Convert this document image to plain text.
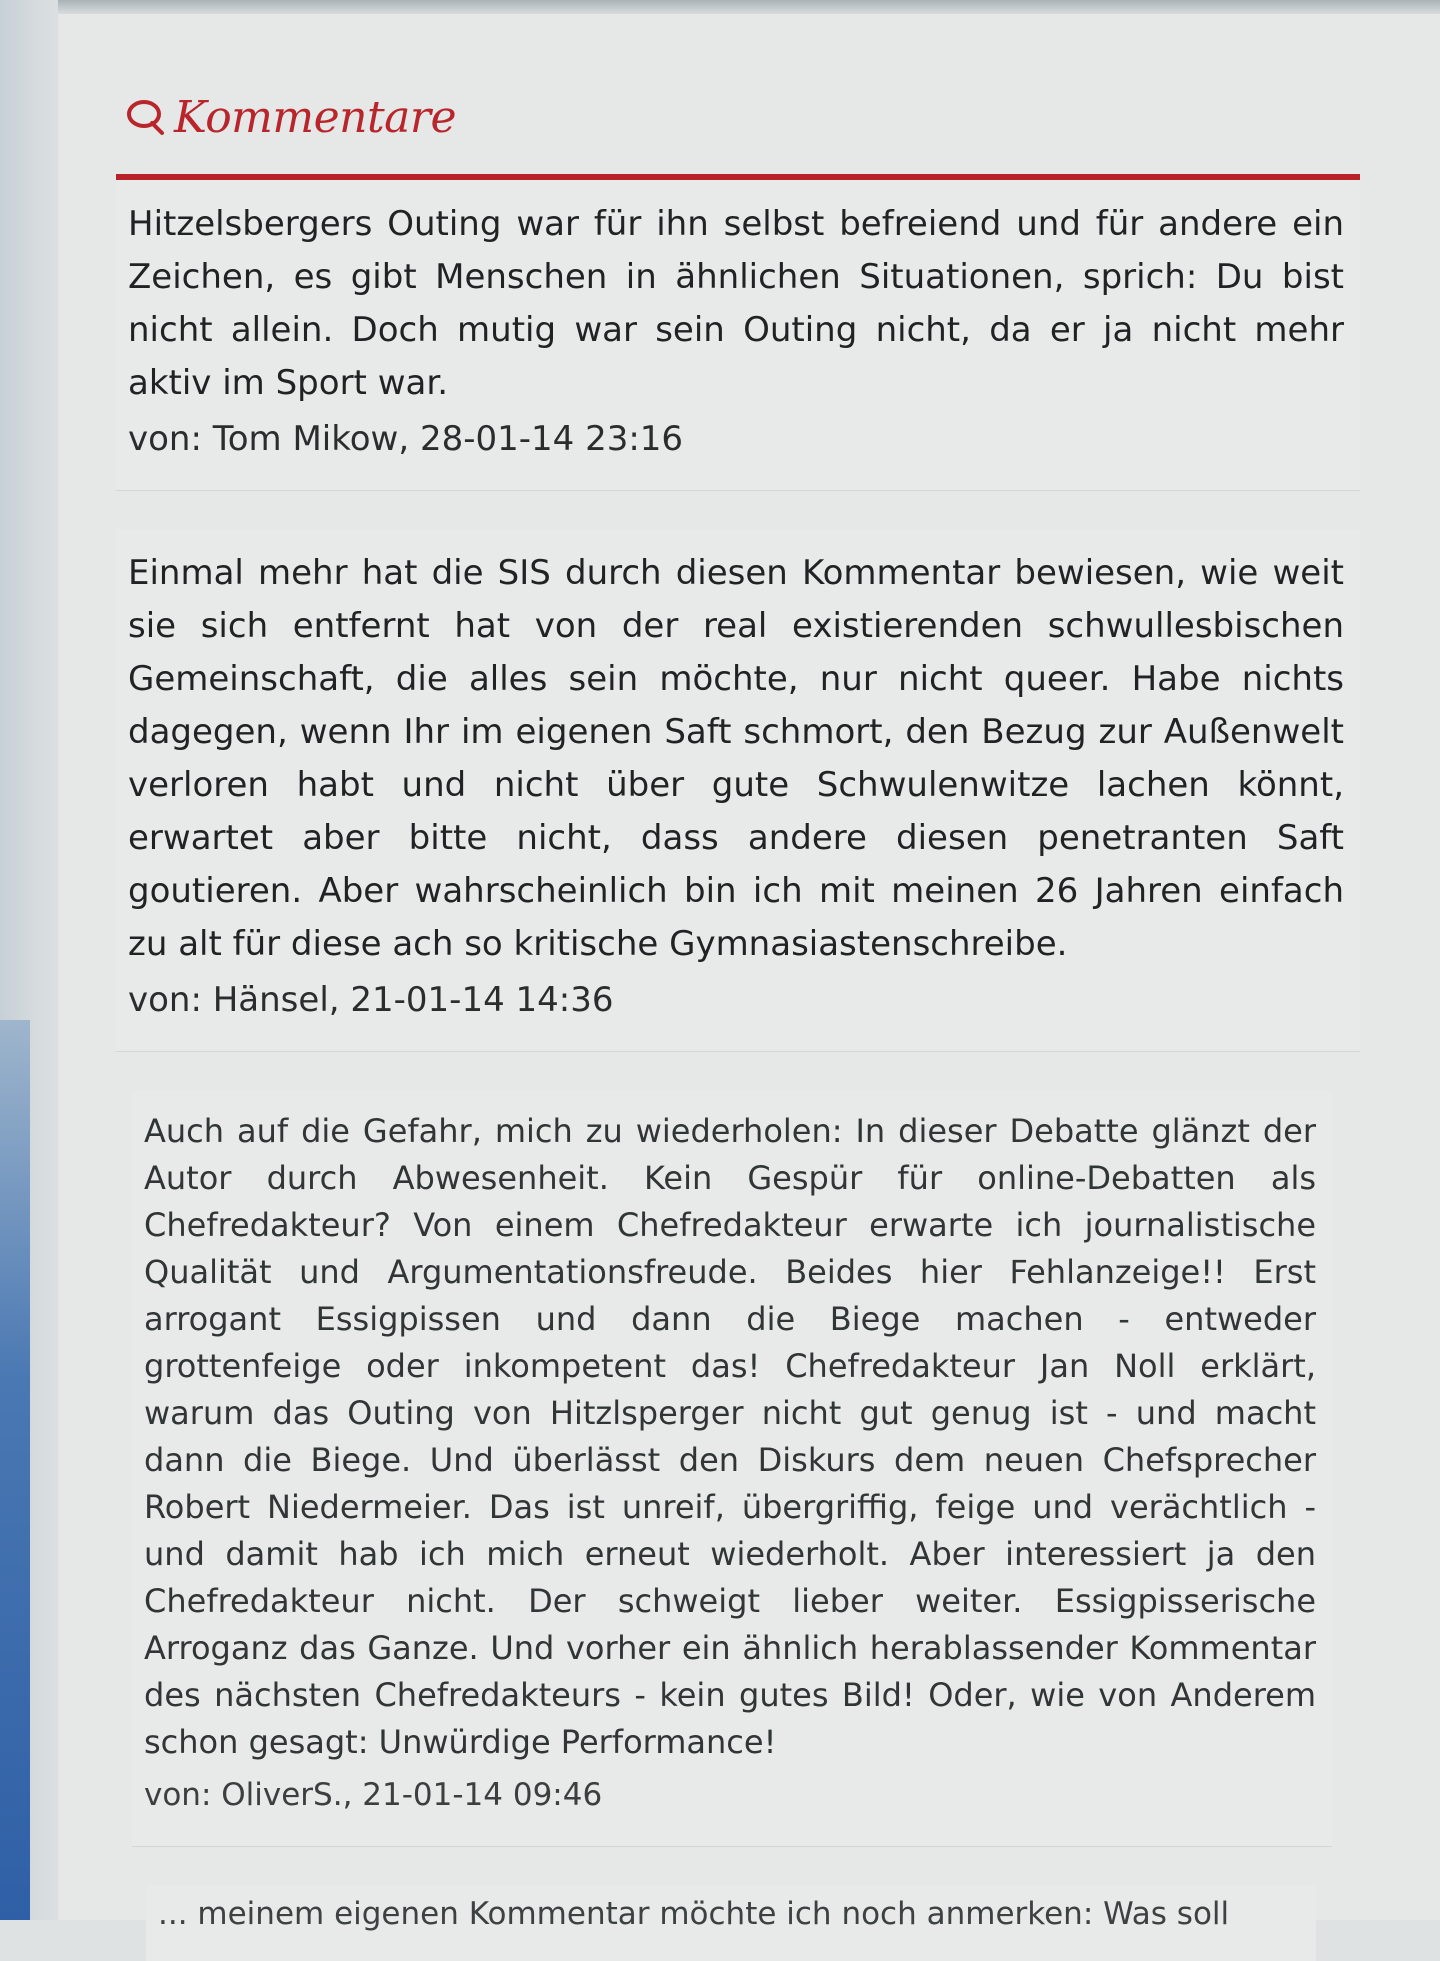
Kommentare

Hitzelsbergers Outing war für ihn selbst befreiend und für andere ein Zeichen, es gibt Menschen in ähnlichen Situationen, sprich: Du bist nicht allein. Doch mutig war sein Outing nicht, da er ja nicht mehr aktiv im Sport war.

von: Tom Mikow, 28-01-14 23:16

Einmal mehr hat die SIS durch diesen Kommentar bewiesen, wie weit sie sich entfernt hat von der real existierenden schwullesbischen Gemeinschaft, die alles sein möchte, nur nicht queer. Habe nichts dagegen, wenn Ihr im eigenen Saft schmort, den Bezug zur Außenwelt verloren habt und nicht über gute Schwulenwitze lachen könnt, erwartet aber bitte nicht, dass andere diesen penetranten Saft goutieren. Aber wahrscheinlich bin ich mit meinen 26 Jahren einfach zu alt für diese ach so kritische Gymnasiastenschreibe.

von: Hänsel, 21-01-14 14:36

Auch auf die Gefahr, mich zu wiederholen: In dieser Debatte glänzt der Autor durch Abwesenheit. Kein Gespür für online-Debatten als Chefredakteur? Von einem Chefredakteur erwarte ich journalistische Qualität und Argumentationsfreude. Beides hier Fehlanzeige!! Erst arrogant Essigpissen und dann die Biege machen - entweder grottenfeige oder inkompetent das! Chefredakteur Jan Noll erklärt, warum das Outing von Hitzlsperger nicht gut genug ist - und macht dann die Biege. Und überlässt den Diskurs dem neuen Chefsprecher Robert Niedermeier. Das ist unreif, übergriffig, feige und verächtlich - und damit hab ich mich erneut wiederholt. Aber interessiert ja den Chefredakteur nicht. Der schweigt lieber weiter. Essigpisserische Arroganz das Ganze. Und vorher ein ähnlich herablassender Kommentar des nächsten Chefredakteurs - kein gutes Bild! Oder, wie von Anderem schon gesagt: Unwürdige Performance!

von: OliverS., 21-01-14 09:46

... meinem eigenen Kommentar möchte ich noch anmerken: Was soll
